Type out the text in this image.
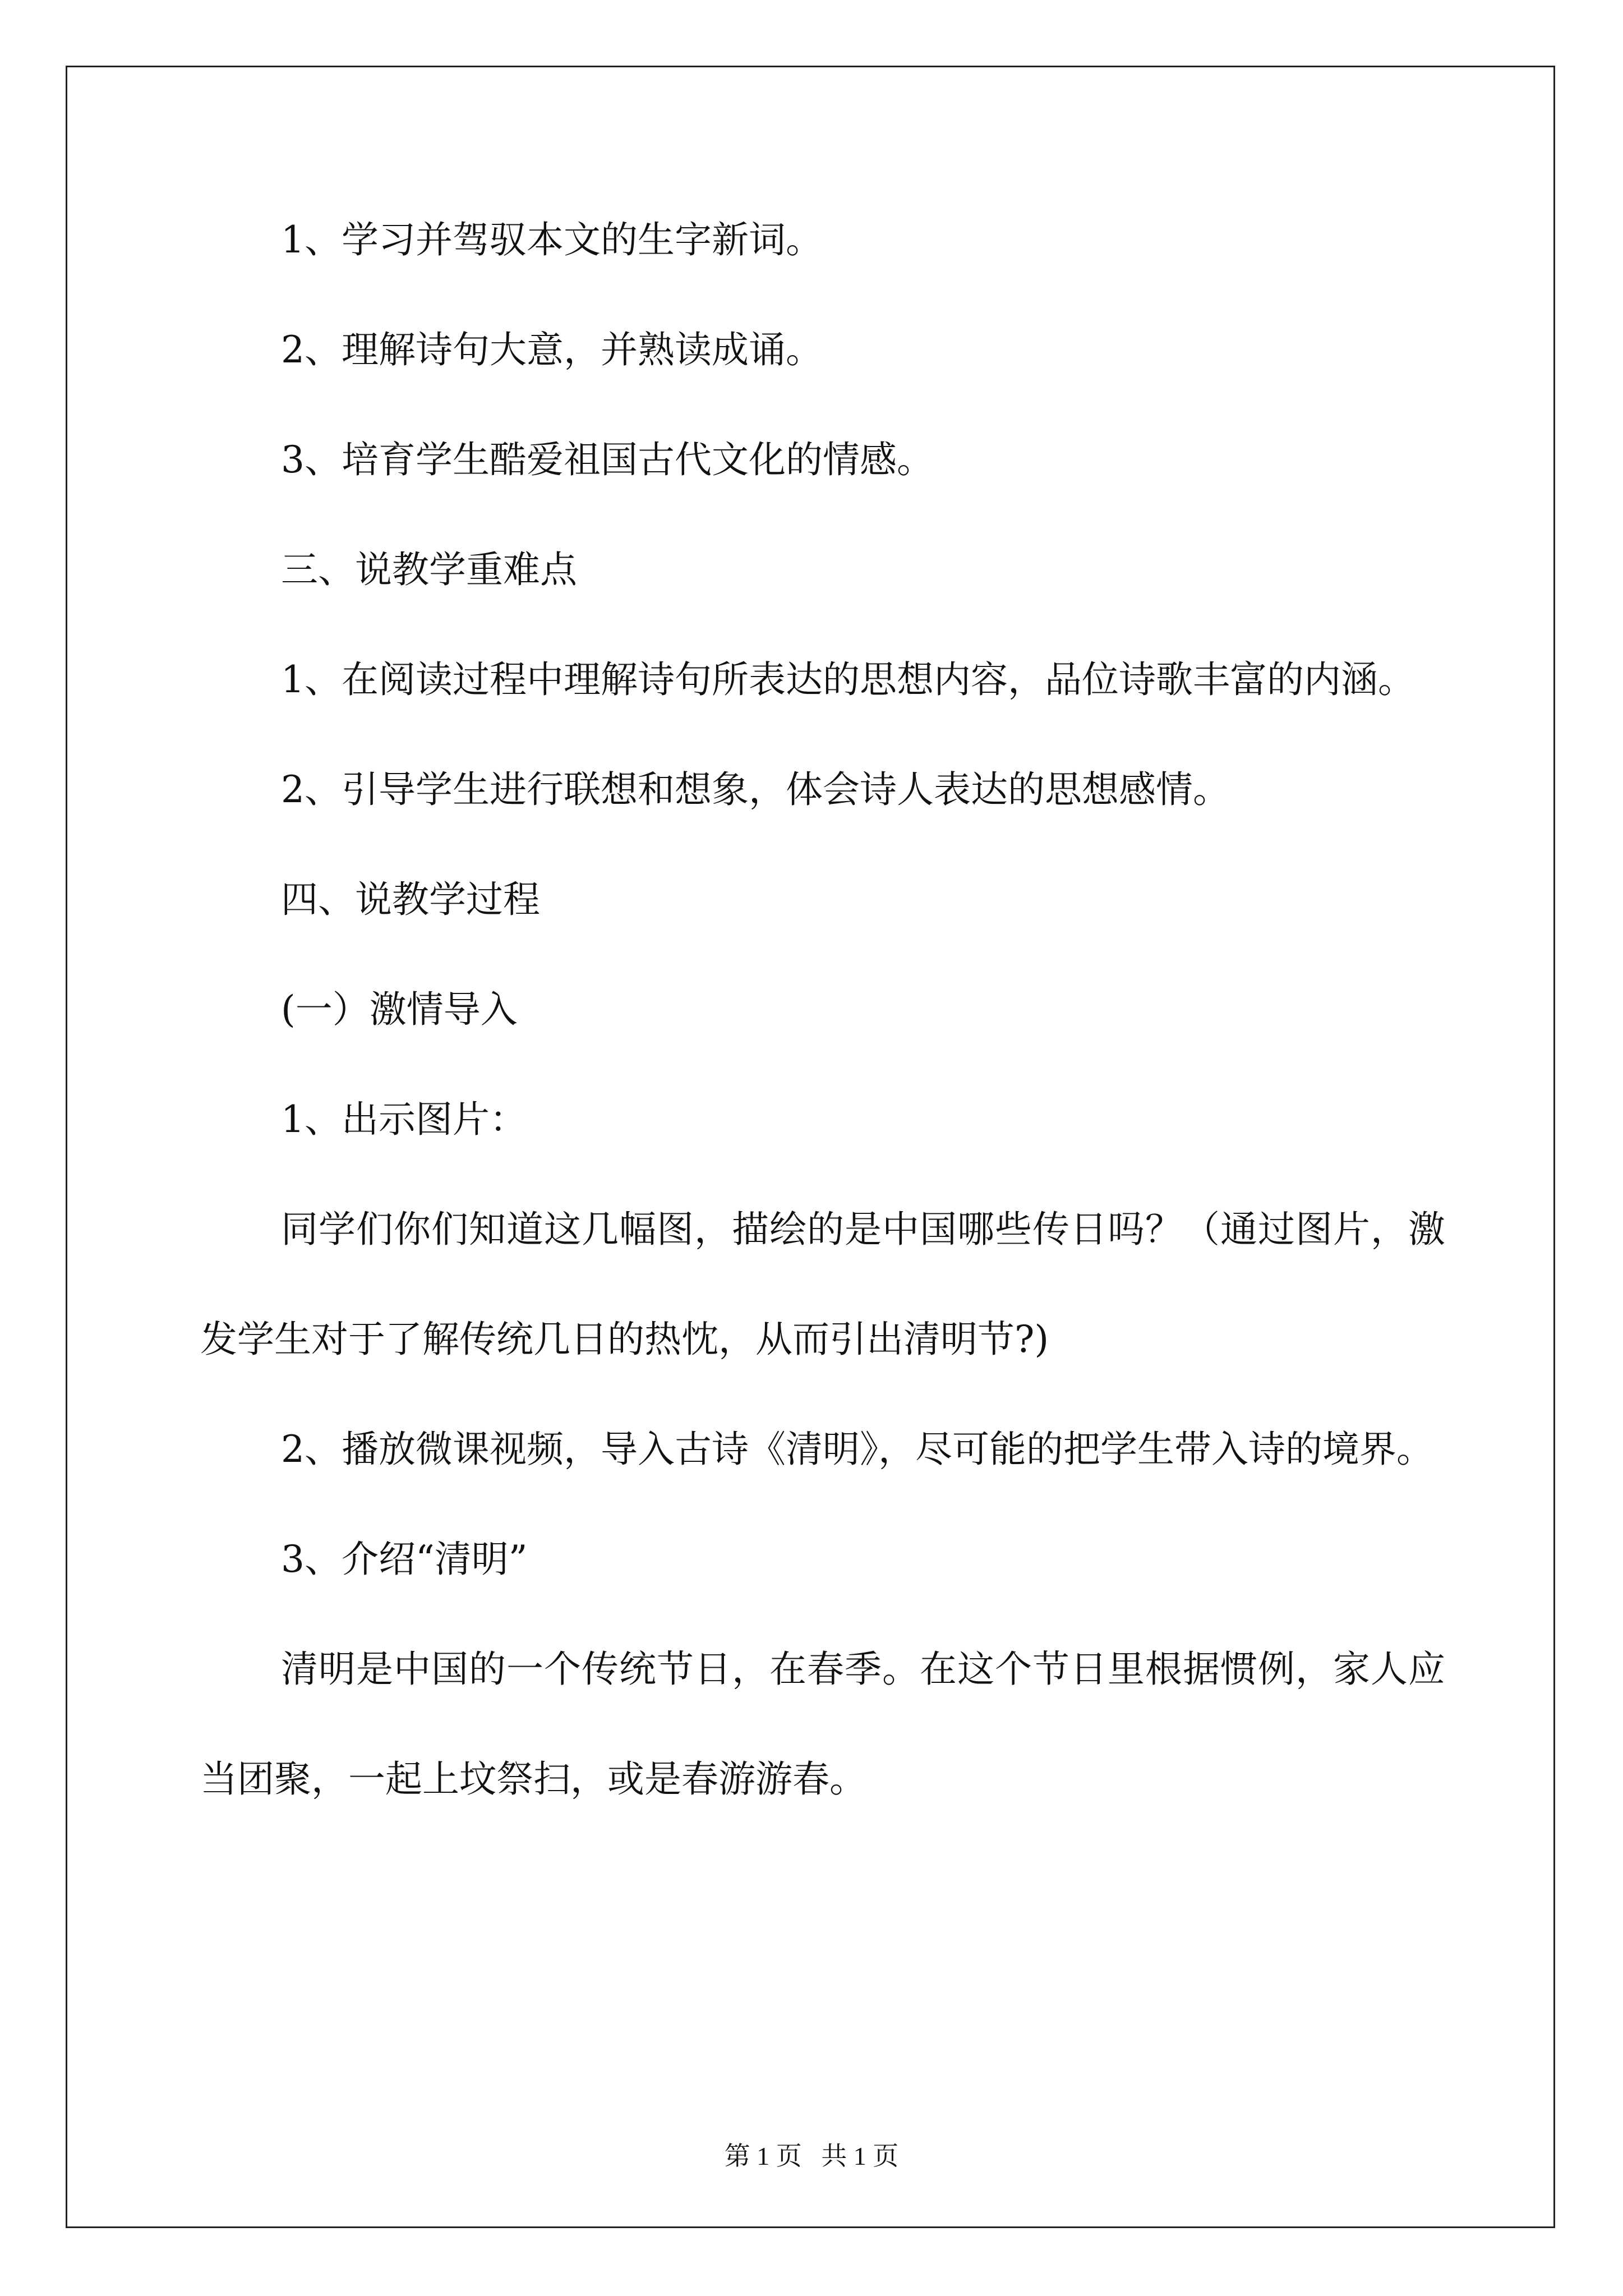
1、学习并驾驭本文的生字新词。

2、理解诗句大意，并熟读成诵。

3、培育学生酷爱祖国古代文化的情感。

三、说教学重难点

1、在阅读过程中理解诗句所表达的思想内容，品位诗歌丰富的内涵。

2、引导学生进行联想和想象，体会诗人表达的思想感情。

四、说教学过程

(一）激情导入

1、出示图片：

同学们你们知道这几幅图，描绘的是中国哪些传日吗？（通过图片，激发学生对于了解传统几日的热忱，从而引出清明节?)

2、播放微课视频，导入古诗《清明》，尽可能的把学生带入诗的境界。

3、介绍“清明”

清明是中国的一个传统节日，在春季。在这个节日里根据惯例，家人应当团聚，一起上坟祭扫，或是春游游春。

第 1 页   共 1 页
